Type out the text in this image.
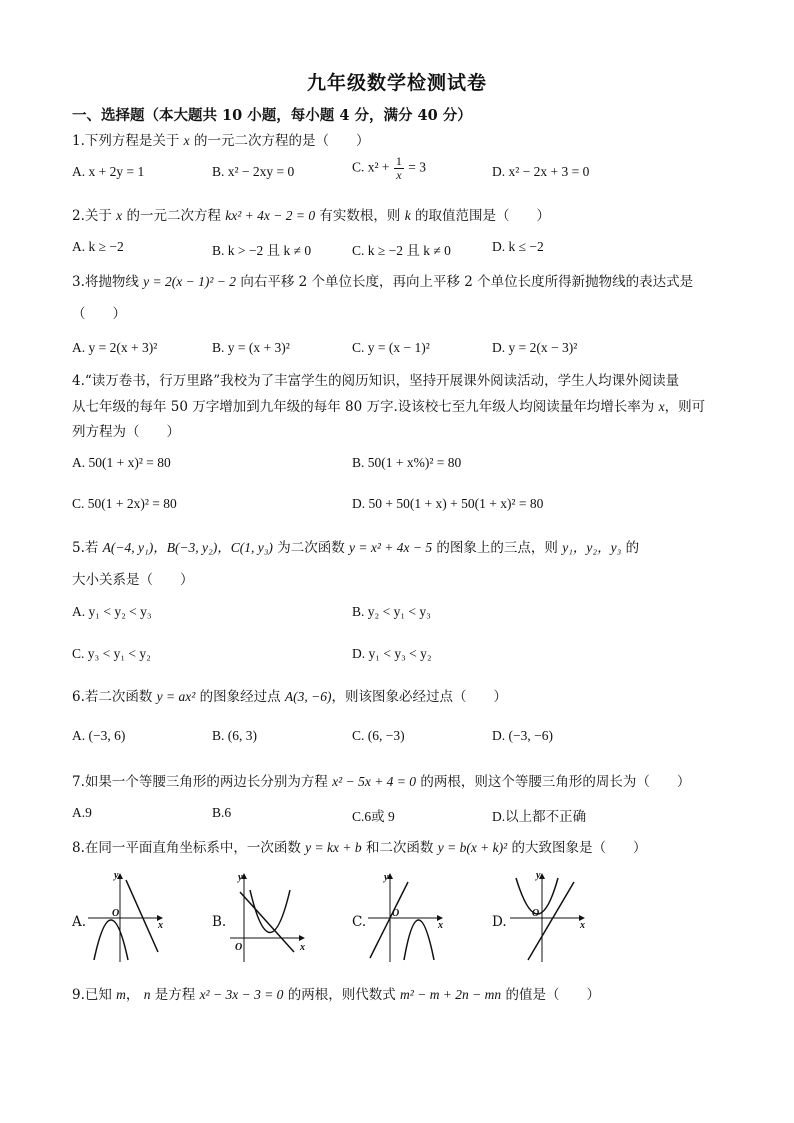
九年级数学检测试卷
一、选择题（本大题共 10 小题，每小题 4 分，满分 40 分）
1.下列方程是关于 x 的一元二次方程的是（　　）
A. x + 2y = 1	B. x² − 2xy = 0	C. $x^2 + \frac{1}{x} = 3$	D. x² − 2x + 3 = 0
2.关于 x 的一元二次方程 kx² + 4x − 2 = 0 有实数根，则 k 的取值范围是（　　）
A. k ≥ −2	B. k > −2 且 k ≠ 0	C. k ≥ −2 且 k ≠ 0	D. k ≤ −2
3.将抛物线 y = 2(x − 1)² − 2 向右平移 2 个单位长度，再向上平移 2 个单位长度所得新抛物线的表达式是
（　　）
A. y = 2(x + 3)²	B. y = (x + 3)²	C. y = (x − 1)²	D. y = 2(x − 3)²
4.“读万卷书，行万里路”我校为了丰富学生的阅历知识，坚持开展课外阅读活动，学生人均课外阅读量
从七年级的每年 50 万字增加到九年级的每年 80 万字.设该校七至九年级人均阅读量年均增长率为 x，则可
列方程为（　　）
A. 50(1 + x)² = 80	B. 50(1 + x%)² = 80
C. 50(1 + 2x)² = 80	D. 50 + 50(1 + x) + 50(1 + x)² = 80
5.若 A(−4, y₁)，B(−3, y₂)，C(1, y₃) 为二次函数 y = x² + 4x − 5 的图象上的三点，则 y₁，y₂，y₃ 的
大小关系是（　　）
A. y₁ < y₂ < y₃	B. y₂ < y₁ < y₃
C. y₃ < y₁ < y₂	D. y₁ < y₃ < y₂
6.若二次函数 y = ax² 的图象经过点 A(3, −6)，则该图象必经过点（　　）
A. (−3, 6)	B. (6, 3)	C. (6, −3)	D. (−3, −6)
7.如果一个等腰三角形的两边长分别为方程 x² − 5x + 4 = 0 的两根，则这个等腰三角形的周长为（　　）
A.9	B.6	C.6或 9	D.以上都不正确
8.在同一平面直角坐标系中，一次函数 y = kx + b 和二次函数 y = b(x + k)² 的大致图象是（　　）
A.	B.	C.	D.
y
x
O
y
x
O
y
x
O
y
x
O
9.已知 m， n 是方程 x² − 3x − 3 = 0 的两根，则代数式 m² − m + 2n − mn 的值是（　　）
